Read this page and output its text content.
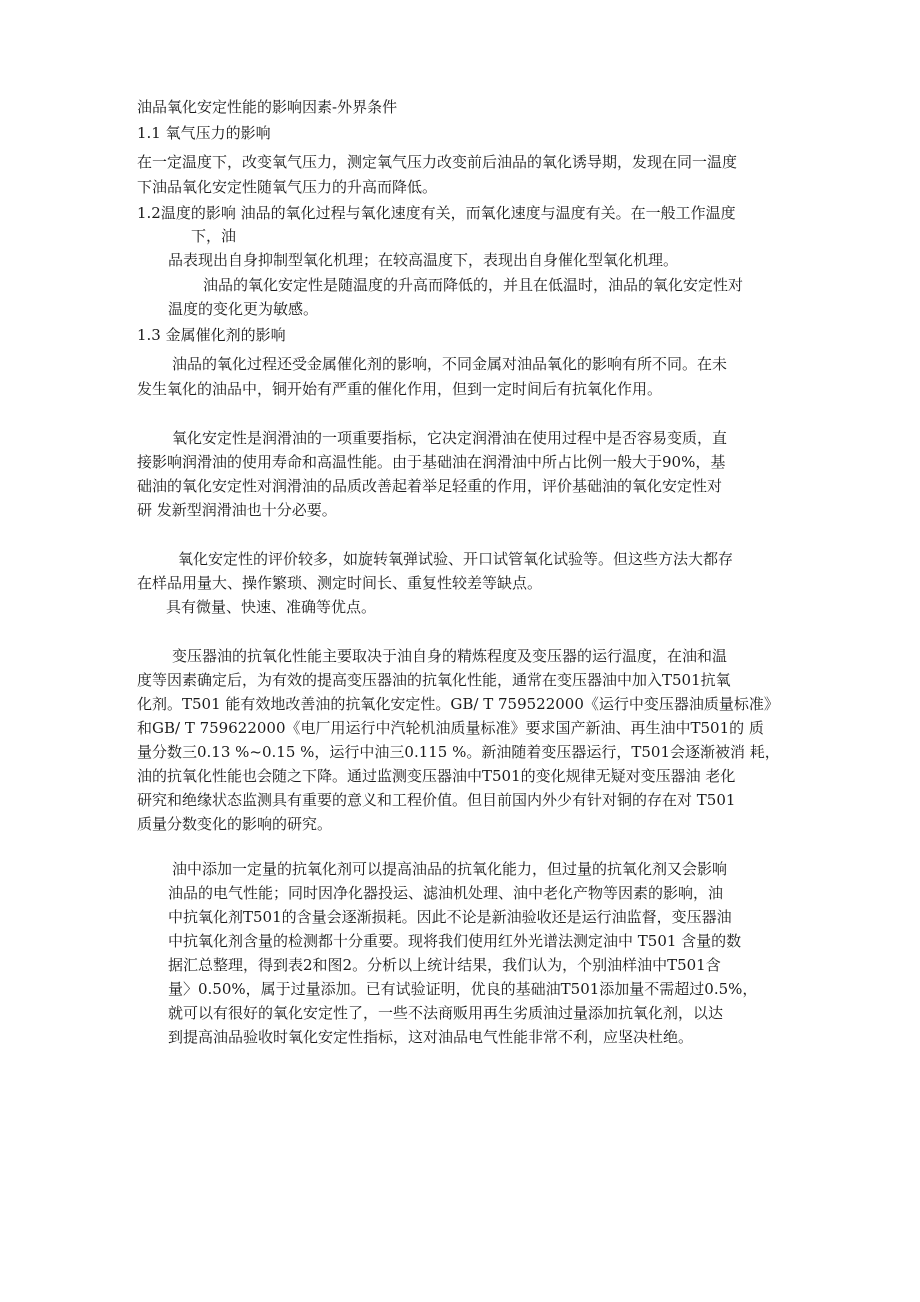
油品氧化安定性能的影响因素-外界条件
1.1 氧气压力的影响
在一定温度下，改变氧气压力，测定氧气压力改变前后油品的氧化诱导期，发现在同一温度
下油品氧化安定性随氧气压力的升高而降低。
1.2温度的影响 油品的氧化过程与氧化速度有关，而氧化速度与温度有关。在一般工作温度
下，油
品表现出自身抑制型氧化机理；在较高温度下，表现出自身催化型氧化机理。
油品的氧化安定性是随温度的升高而降低的，并且在低温时，油品的氧化安定性对
温度的变化更为敏感。
1.3 金属催化剂的影响
油品的氧化过程还受金属催化剂的影响，不同金属对油品氧化的影响有所不同。在未
发生氧化的油品中，铜开始有严重的催化作用，但到一定时间后有抗氧化作用。
氧化安定性是润滑油的一项重要指标，它决定润滑油在使用过程中是否容易变质，直
接影响润滑油的使用寿命和高温性能。由于基础油在润滑油中所占比例一般大于90%，基
础油的氧化安定性对润滑油的品质改善起着举足轻重的作用，评价基础油的氧化安定性对
研 发新型润滑油也十分必要。
氧化安定性的评价较多，如旋转氧弹试验、开口试管氧化试验等。但这些方法大都存
在样品用量大、操作繁琐、测定时间长、重复性较差等缺点。
具有微量、快速、准确等优点。
变压器油的抗氧化性能主要取决于油自身的精炼程度及变压器的运行温度，在油和温
度等因素确定后，为有效的提高变压器油的抗氧化性能，通常在变压器油中加入T501抗氧
化剂。T501 能有效地改善油的抗氧化安定性。GB/ T 759522000《运行中变压器油质量标准》
和GB/ T 759622000《电厂用运行中汽轮机油质量标准》要求国产新油、再生油中T501的 质
量分数三0.13 %~0.15 %，运行中油三0.115 %。新油随着变压器运行，T501会逐渐被消 耗，
油的抗氧化性能也会随之下降。通过监测变压器油中T501的变化规律无疑对变压器油 老化
研究和绝缘状态监测具有重要的意义和工程价值。但目前国内外少有针对铜的存在对 T501
质量分数变化的影响的研究。
油中添加一定量的抗氧化剂可以提高油品的抗氧化能力，但过量的抗氧化剂又会影响
油品的电气性能；同时因净化器投运、滤油机处理、油中老化产物等因素的影响，油
中抗氧化剂T501的含量会逐渐损耗。因此不论是新油验收还是运行油监督，变压器油
中抗氧化剂含量的检测都十分重要。现将我们使用红外光谱法测定油中 T501 含量的数
据汇总整理，得到表2和图2。分析以上统计结果，我们认为，个别油样油中T501含
量〉0.50%，属于过量添加。已有试验证明，优良的基础油T501添加量不需超过0.5%，
就可以有很好的氧化安定性了，一些不法商贩用再生劣质油过量添加抗氧化剂，以达
到提高油品验收时氧化安定性指标，这对油品电气性能非常不利，应坚决杜绝。
